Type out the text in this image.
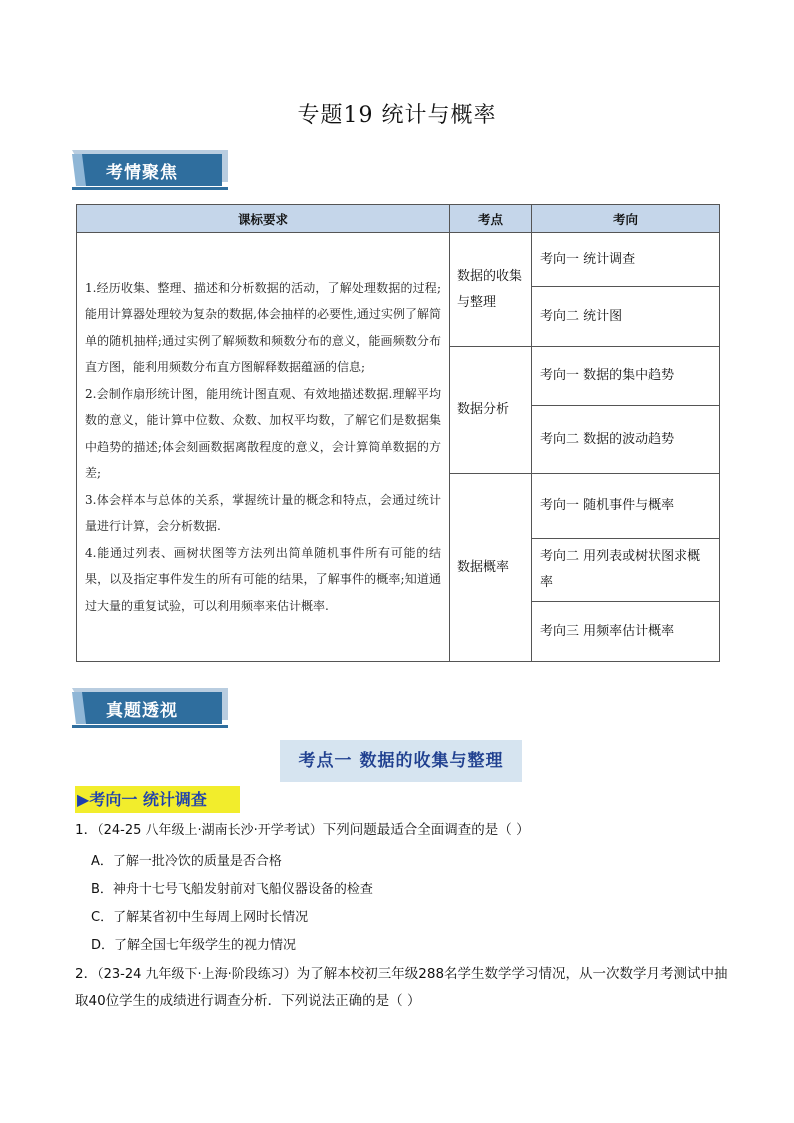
专题19 统计与概率
考情聚焦
课标要求	考点	考向

1.经历收集、整理、描述和分析数据的活动，了解处理数据的过程;能用计算器处理较为复杂的数据,体会抽样的必要性,通过实例了解简单的随机抽样;通过实例了解频数和频数分布的意义，能画频数分布直方图，能利用频数分布直方图解释数据蕴涵的信息;

2.会制作扇形统计图，能用统计图直观、有效地描述数据.理解平均数的意义，能计算中位数、众数、加权平均数，了解它们是数据集中趋势的描述;体会刻画数据离散程度的意义，会计算简单数据的方差;

3.体会样本与总体的关系，掌握统计量的概念和特点，会通过统计量进行计算，会分析数据.

4.能通过列表、画树状图等方法列出简单随机事件所有可能的结果，以及指定事件发生的所有可能的结果，了解事件的概率;知道通过大量的重复试验，可以利用频率来估计概率.	数据的收集与整理	考向一 统计调查
		考向二 统计图
	数据分析	考向一 数据的集中趋势
		考向二 数据的波动趋势
	数据概率	考向一 随机事件与概率
		考向二 用列表或树状图求概率
		考向三 用频率估计概率
真题透视
考点一 数据的收集与整理
▶考向一 统计调查
1．（24-25 八年级上·湖南长沙·开学考试）下列问题最适合全面调查的是（ ）
A．了解一批冷饮的质量是否合格
B．神舟十七号飞船发射前对飞船仪器设备的检查
C．了解某省初中生每周上网时长情况
D．了解全国七年级学生的视力情况
2．（23-24 九年级下·上海·阶段练习）为了解本校初三年级288名学生数学学习情况，从一次数学月考测试中抽取40位学生的成绩进行调查分析．下列说法正确的是（ ）
